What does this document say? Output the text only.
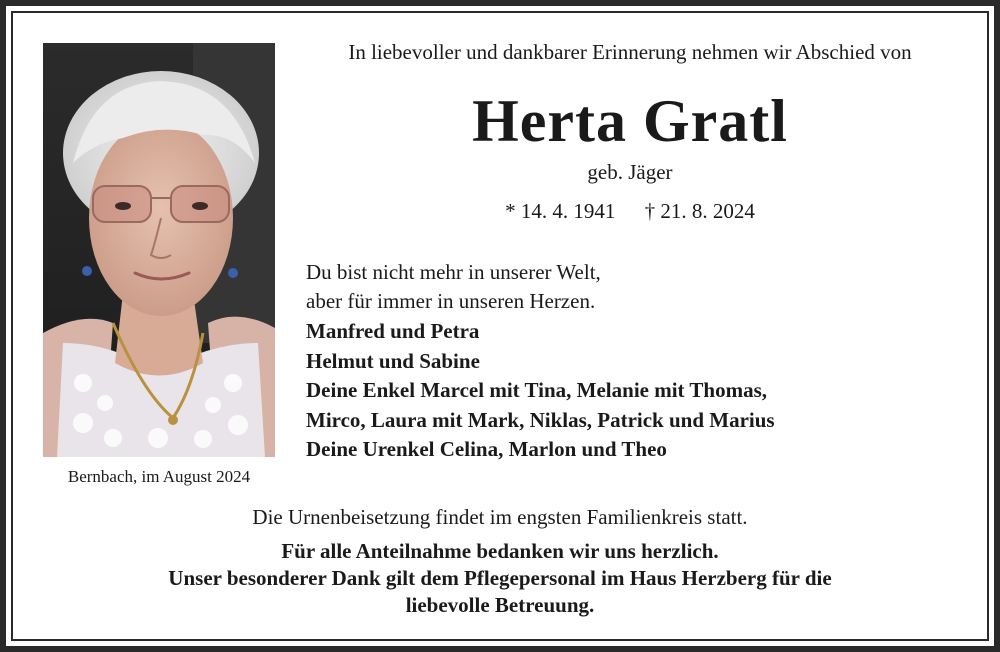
Bernbach, im August 2024
In liebevoller und dankbarer Erinnerung nehmen wir Abschied von
Herta Gratl
geb. Jäger
* 14. 4. 1941 † 21. 8. 2024
Du bist nicht mehr in unserer Welt,
aber für immer in unseren Herzen.
Manfred und Petra
Helmut und Sabine
Deine Enkel Marcel mit Tina, Melanie mit Thomas,
Mirco, Laura mit Mark, Niklas, Patrick und Marius
Deine Urenkel Celina, Marlon und Theo
Die Urnenbeisetzung findet im engsten Familienkreis statt.
Für alle Anteilnahme bedanken wir uns herzlich.
Unser besonderer Dank gilt dem Pflegepersonal im Haus Herzberg für die
liebevolle Betreuung.
